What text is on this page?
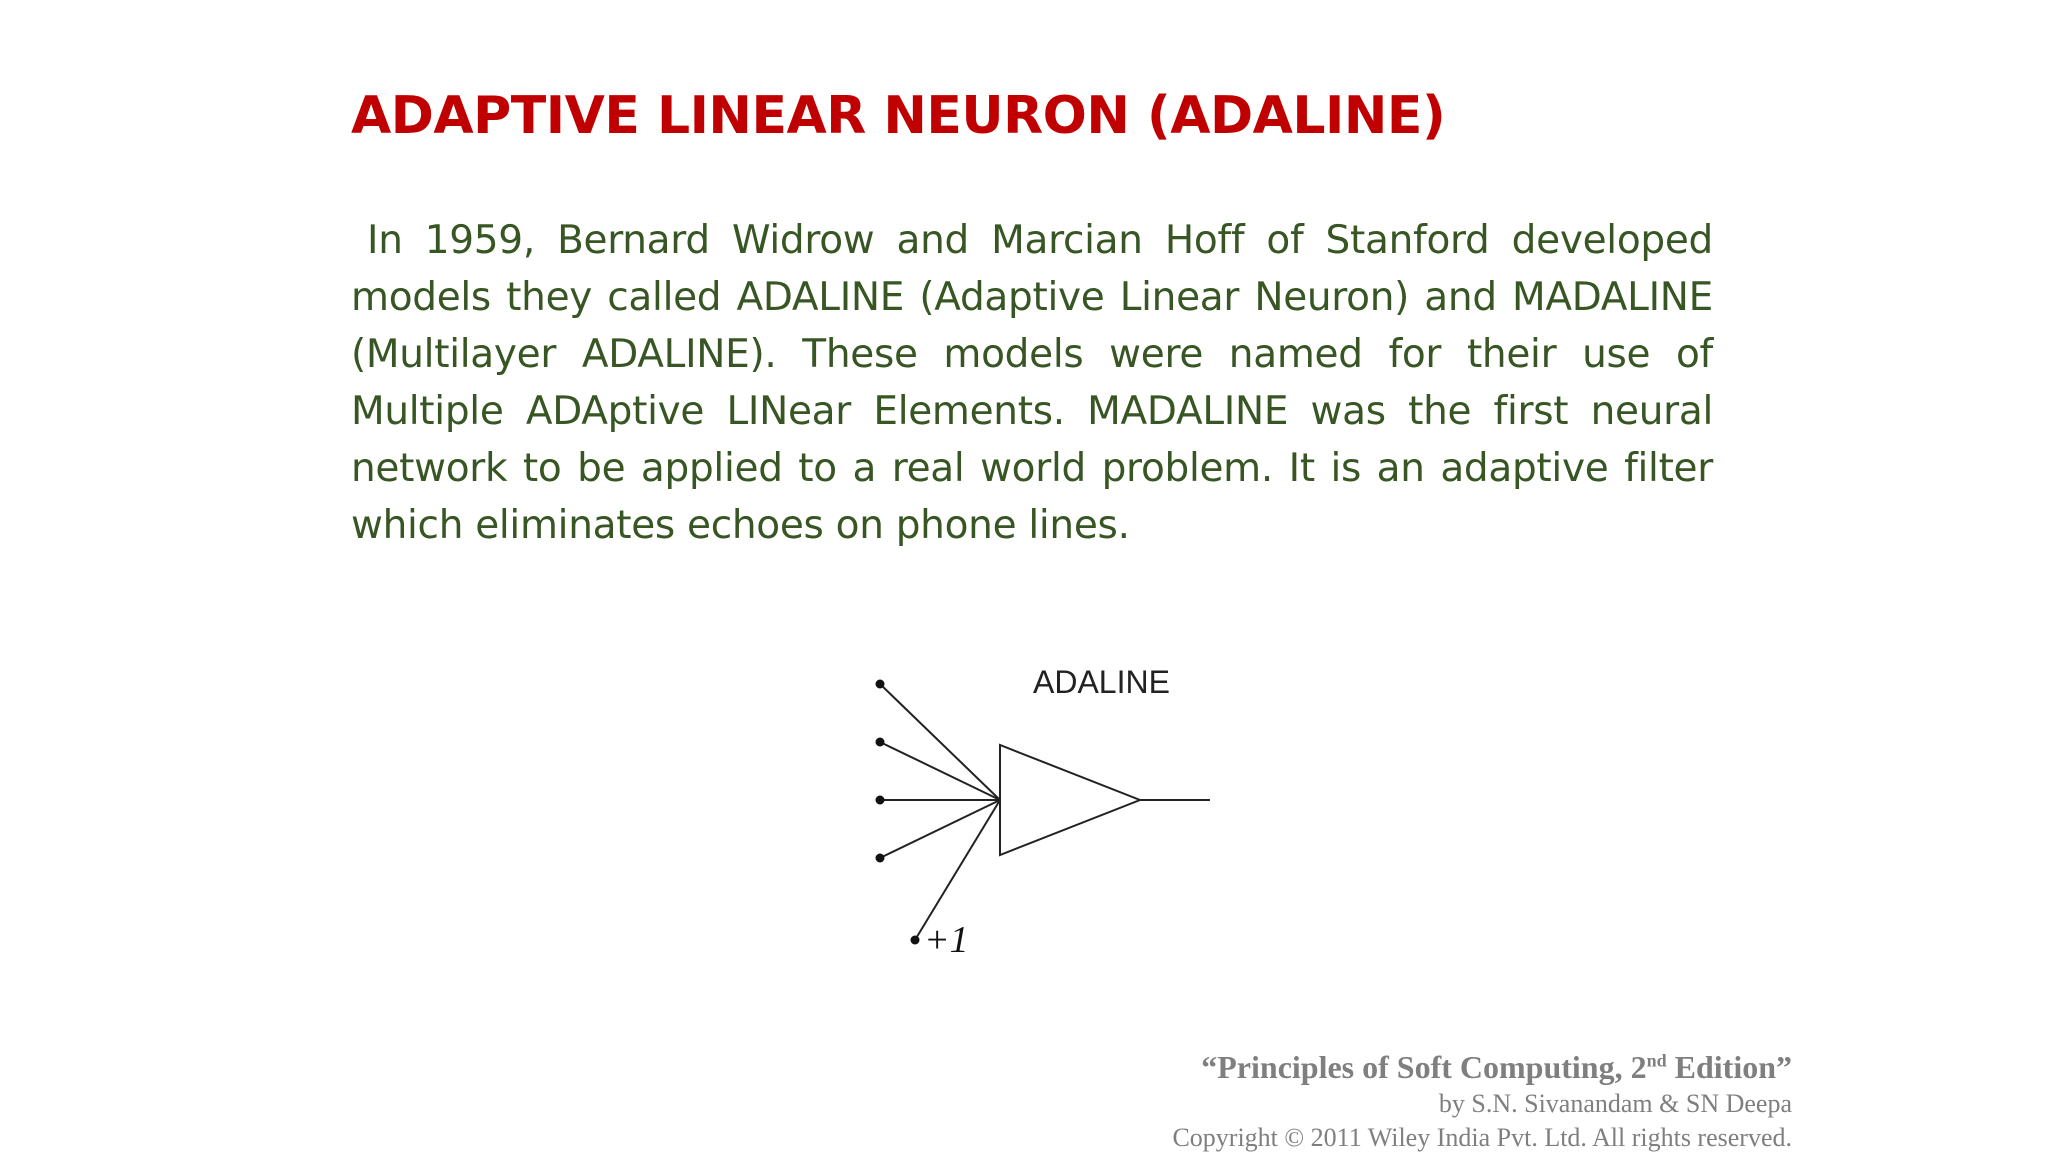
ADAPTIVE LINEAR NEURON (ADALINE)

In 1959, Bernard Widrow and Marcian Hoff of Stanford developed models they called ADALINE (Adaptive Linear Neuron) and MADALINE (Multilayer ADALINE). These models were named for their use of Multiple ADAptive LINear Elements. MADALINE was the first neural network to be applied to a real world problem. It is an adaptive filter which eliminates echoes on phone lines.

ADALINE
+1
“Principles of Soft Computing, 2nd Edition”
by S.N. Sivanandam & SN Deepa
Copyright © 2011 Wiley India Pvt. Ltd. All rights reserved.
